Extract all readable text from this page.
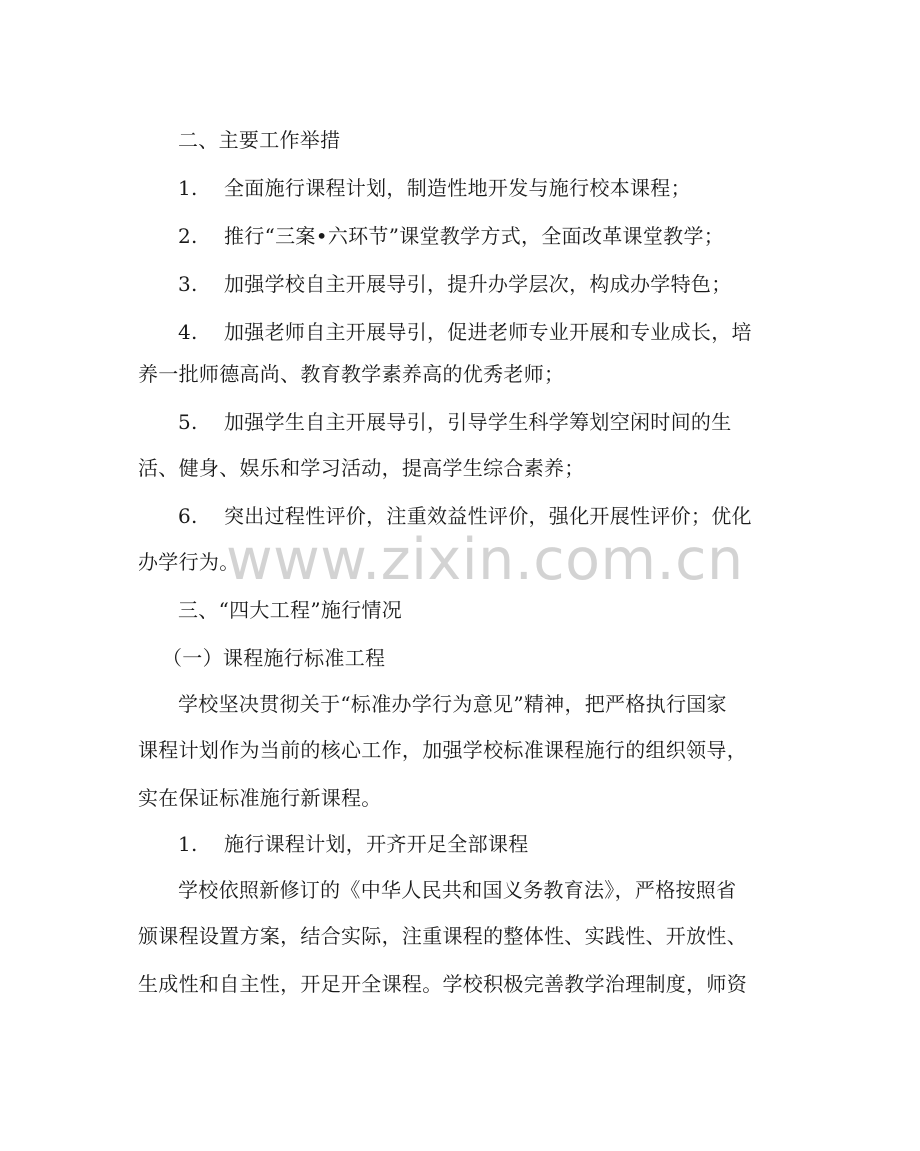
二、主要工作举措
1. 全面施行课程计划，制造性地开发与施行校本课程；
2. 推行“三案•六环节”课堂教学方式，全面改革课堂教学；
3. 加强学校自主开展导引，提升办学层次，构成办学特色；
4. 加强老师自主开展导引，促进老师专业开展和专业成长，培
养一批师德高尚、教育教学素养高的优秀老师；
5. 加强学生自主开展导引，引导学生科学筹划空闲时间的生
活、健身、娱乐和学习活动，提高学生综合素养；
6. 突出过程性评价，注重效益性评价，强化开展性评价；优化
办学行为。
三、“四大工程”施行情况
（一）课程施行标准工程
学校坚决贯彻关于“标准办学行为意见”精神，把严格执行国家
课程计划作为当前的核心工作，加强学校标准课程施行的组织领导，
实在保证标准施行新课程。
1. 施行课程计划，开齐开足全部课程
学校依照新修订的《中华人民共和国义务教育法》，严格按照省
颁课程设置方案，结合实际，注重课程的整体性、实践性、开放性、
生成性和自主性，开足开全课程。学校积极完善教学治理制度，师资
www.zixin.com.cn
